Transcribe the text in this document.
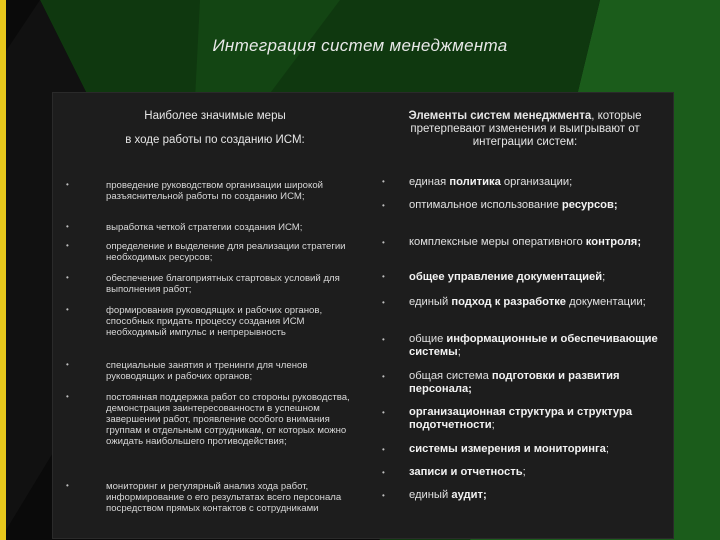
Интеграция систем менеджмента
Наиболее значимые меры
в ходе работы по созданию ИСМ:
Элементы систем менеджмента, которые претерпевают изменения и выигрывают от интеграции систем:
•	проведение руководством организации широкой разъяснительной работы по созданию ИСМ;
•	выработка четкой стратегии создания ИСМ;
•	определение и выделение для реализации стратегии необходимых ресурсов;
•	обеспечение благоприятных стартовых условий для выполнения работ;
•	формирования руководящих и рабочих органов, способных придать процессу создания ИСМ необходимый импульс и непрерывность
•	специальные занятия и тренинги для членов руководящих и рабочих органов;
•	постоянная поддержка работ со стороны руководства, демонстрация заинтересованности в успешном завершении работ, проявление особого внимания группам и отдельным сотрудникам, от которых можно ожидать наибольшего противодействия;
•	мониторинг и регулярный анализ хода работ, информирование о его результатах всего персонала посредством прямых контактов с сотрудниками
• единая политика организации;
• оптимальное использование ресурсов;
• комплексные меры оперативного контроля;
• общее управление документацией;
• единый подход к разработке документации;
• общие информационные и обеспечивающие системы;
• общая система подготовки и развития персонала;
• организационная структура и структура подотчетности;
• системы измерения и мониторинга;
• записи и отчетность;
• единый аудит;
